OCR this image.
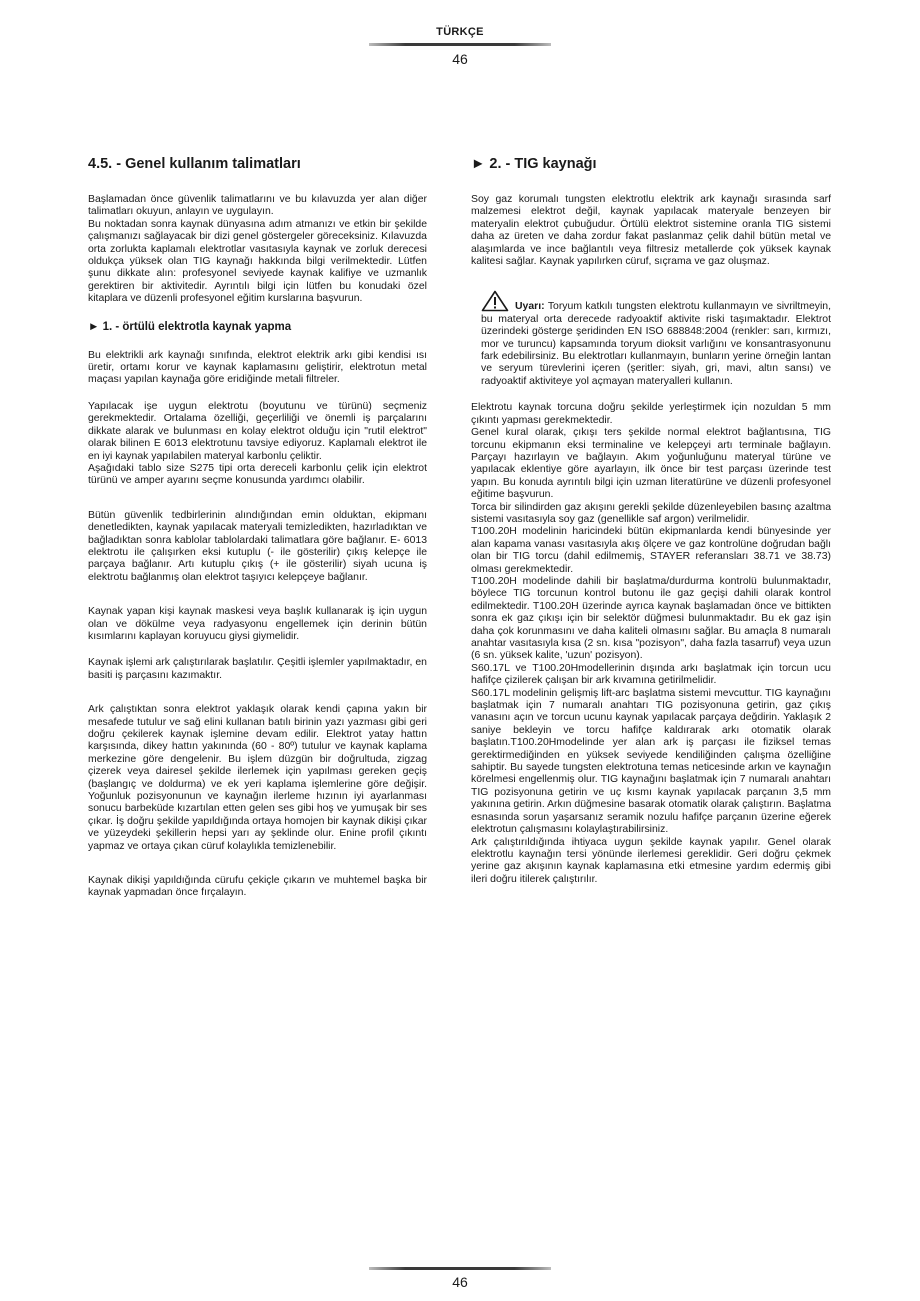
TÜRKÇE
46
4.5. - Genel kullanım talimatları

Başlamadan önce güvenlik talimatlarını ve bu kılavuzda yer alan diğer talimatları okuyun, anlayın ve uygulayın.

Bu noktadan sonra kaynak dünyasına adım atmanızı ve etkin bir şekilde çalışmanızı sağlayacak bir dizi genel göstergeler göreceksiniz. Kılavuzda orta zorlukta kaplamalı elektrotlar vasıtasıyla kaynak ve zorluk derecesi oldukça yüksek olan TIG kaynağı hakkında bilgi verilmektedir. Lütfen şunu dikkate alın: profesyonel seviyede kaynak kalifiye ve uzmanlık gerektiren bir aktivitedir. Ayrıntılı bilgi için lütfen bu konudaki özel kitaplara ve düzenli profesyonel eğitim kurslarına başvurun.

► 1. - örtülü elektrotla kaynak yapma

Bu elektrikli ark kaynağı sınıfında, elektrot elektrik arkı gibi kendisi ısı üretir, ortamı korur ve kaynak kaplamasını geliştirir, elektrotun metal maçası yapılan kaynağa göre eridiğinde metali filtreler.

Yapılacak işe uygun elektrotu (boyutunu ve türünü) seçmeniz gerekmektedir. Ortalama özelliği, geçerliliği ve önemli iş parçalarını dikkate alarak ve bulunması en kolay elektrot olduğu için "rutil elektrot" olarak bilinen E 6013 elektrotunu tavsiye ediyoruz. Kaplamalı elektrot ile en iyi kaynak yapılabilen materyal karbonlu çeliktir.

Aşağıdaki tablo size S275 tipi orta dereceli karbonlu çelik için elektrot türünü ve amper ayarını seçme konusunda yardımcı olabilir.

Bütün güvenlik tedbirlerinin alındığından emin olduktan, ekipmanı denetledikten, kaynak yapılacak materyali temizledikten, hazırladıktan ve bağladıktan sonra kablolar tablolardaki talimatlara göre bağlanır. E- 6013 elektrotu ile çalışırken eksi kutuplu (- ile gösterilir) çıkış kelepçe ile parçaya bağlanır. Artı kutuplu çıkış (+ ile gösterilir) siyah ucuna iş elektrotu bağlanmış olan elektrot taşıyıcı kelepçeye bağlanır.

Kaynak yapan kişi kaynak maskesi veya başlık kullanarak iş için uygun olan ve dökülme veya radyasyonu engellemek için derinin bütün kısımlarını kaplayan koruyucu giysi giymelidir.

Kaynak işlemi ark çalıştırılarak başlatılır. Çeşitli işlemler yapılmaktadır, en basiti iş parçasını kazımaktır.

Ark çalıştıktan sonra elektrot yaklaşık olarak kendi çapına yakın bir mesafede tutulur ve sağ elini kullanan batılı birinin yazı yazması gibi geri doğru çekilerek kaynak işlemine devam edilir. Elektrot yatay hattın karşısında, dikey hattın yakınında (60 - 80º) tutulur ve kaynak kaplama merkezine göre dengelenir. Bu işlem düzgün bir doğrultuda, zigzag çizerek veya dairesel şekilde ilerlemek için yapılması gereken geçiş (başlangıç ve doldurma) ve ek yeri kaplama işlemlerine göre değişir. Yoğunluk pozisyonunun ve kaynağın ilerleme hızının iyi ayarlanması sonucu barbeküde kızartılan etten gelen ses gibi hoş ve yumuşak bir ses çıkar. İş doğru şekilde yapıldığında ortaya homojen bir kaynak dikişi çıkar ve yüzeydeki şekillerin hepsi yarı ay şeklinde olur. Enine profil çıkıntı yapmaz ve ortaya çıkan cüruf kolaylıkla temizlenebilir.

Kaynak dikişi yapıldığında cürufu çekiçle çıkarın ve muhtemel başka bir kaynak yapmadan önce fırçalayın.

► 2. - TIG kaynağı

Soy gaz korumalı tungsten elektrotlu elektrik ark kaynağı sırasında sarf malzemesi elektrot değil, kaynak yapılacak materyale benzeyen bir materyalin elektrot çubuğudur. Örtülü elektrot sistemine oranla TIG sistemi daha az üreten ve daha zordur fakat paslanmaz çelik dahil bütün metal ve alaşımlarda ve ince bağlantılı veya filtresiz metallerde çok yüksek kaynak kalitesi sağlar. Kaynak yapılırken cüruf, sıçrama ve gaz oluşmaz.

Uyarı: Toryum katkılı tungsten elektrotu kullanmayın ve sivriltmeyin, bu materyal orta derecede radyoaktif aktivite riski taşımaktadır. Elektrot üzerindeki gösterge şeridinden EN ISO 688848:2004 (renkler: sarı, kırmızı, mor ve turuncu) kapsamında toryum dioksit varlığını ve konsantrasyonunu fark edebilirsiniz. Bu elektrotları kullanmayın, bunların yerine örneğin lantan ve seryum türevlerini içeren (şeritler: siyah, gri, mavi, altın sansı) ve radyoaktif aktiviteye yol açmayan materyalleri kullanın.

Elektrotu kaynak torcuna doğru şekilde yerleştirmek için nozuldan 5 mm çıkıntı yapması gerekmektedir.

Genel kural olarak, çıkışı ters şekilde normal elektrot bağlantısına, TIG torcunu ekipmanın eksi terminaline ve kelepçeyi artı terminale bağlayın. Parçayı hazırlayın ve bağlayın. Akım yoğunluğunu materyal türüne ve yapılacak eklentiye göre ayarlayın, ilk önce bir test parçası üzerinde test yapın. Bu konuda ayrıntılı bilgi için uzman literatürüne ve düzenli profesyonel eğitime başvurun.

Torca bir silindirden gaz akışını gerekli şekilde düzenleyebilen basınç azaltma sistemi vasıtasıyla soy gaz (genellikle saf argon) verilmelidir.

T100.20H modelinin haricindeki bütün ekipmanlarda kendi bünyesinde yer alan kapama vanası vasıtasıyla akış ölçere ve gaz kontrolüne doğrudan bağlı olan bir TIG torcu (dahil edilmemiş, STAYER referansları 38.71 ve 38.73) olması gerekmektedir.

T100.20H modelinde dahili bir başlatma/durdurma kontrolü bulunmaktadır, böylece TIG torcunun kontrol butonu ile gaz geçişi dahili olarak kontrol edilmektedir. T100.20H üzerinde ayrıca kaynak başlamadan önce ve bittikten sonra ek gaz çıkışı için bir selektör düğmesi bulunmaktadır. Bu ek gaz işin daha çok korunmasını ve daha kaliteli olmasını sağlar. Bu amaçla 8 numaralı anahtar vasıtasıyla kısa (2 sn. kısa "pozisyon", daha fazla tasarruf) veya uzun (6 sn. yüksek kalite, 'uzun' pozisyon).

S60.17L ve T100.20Hmodellerinin dışında arkı başlatmak için torcun ucu hafifçe çizilerek çalışan bir ark kıvamına getirilmelidir.

S60.17L modelinin gelişmiş lift-arc başlatma sistemi mevcuttur. TIG kaynağını başlatmak için 7 numaralı anahtarı TIG pozisyonuna getirin, gaz çıkış vanasını açın ve torcun ucunu kaynak yapılacak parçaya değdirin. Yaklaşık 2 saniye bekleyin ve torcu hafifçe kaldırarak arkı otomatik olarak başlatın.T100.20Hmodelinde yer alan ark iş parçası ile fiziksel temas gerektirmediğinden en yüksek seviyede kendiliğinden çalışma özelliğine sahiptir. Bu sayede tungsten elektrotuna temas neticesinde arkın ve kaynağın körelmesi engellenmiş olur. TIG kaynağını başlatmak için 7 numaralı anahtarı TIG pozisyonuna getirin ve uç kısmı kaynak yapılacak parçanın 3,5 mm yakınına getirin. Arkın düğmesine basarak otomatik olarak çalıştırın. Başlatma esnasında sorun yaşarsanız seramik nozulu hafifçe parçanın üzerine eğerek elektrotun çalışmasını kolaylaştırabilirsiniz.

Ark çalıştırıldığında ihtiyaca uygun şekilde kaynak yapılır. Genel olarak elektrotlu kaynağın tersi yönünde ilerlemesi gereklidir. Geri doğru çekmek yerine gaz akışının kaynak kaplamasına etki etmesine yardım edermiş gibi ileri doğru itilerek çalıştırılır.

46
